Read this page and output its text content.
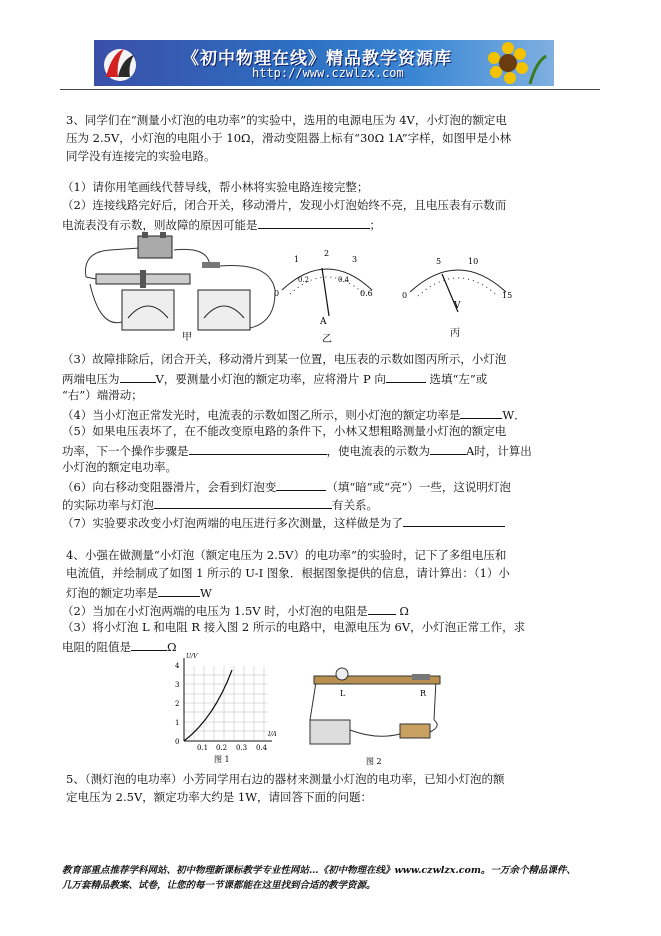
《初中物理在线》精品教学资源库
http://www.czwlzx.com
3、同学们在“测量小灯泡的电功率”的实验中，选用的电源电压为 4V，小灯泡的额定电
压为 2.5V，小灯泡的电阻小于 10Ω，滑动变阻器上标有“30Ω 1A”字样，如图甲是小林
同学没有连接完的实验电路。
（1）请你用笔画线代替导线，帮小林将实验电路连接完整；
（2）连接线路完好后，闭合开关，移动滑片，发现小灯泡始终不亮，且电压表有示数而
电流表没有示数，则故障的原因可能是	；
甲
0
0.2	0.4
0.6
1
2
3
A
乙
0
5	10
15
V
丙
（3）故障排除后，闭合开关，移动滑片到某一位置，电压表的示数如图丙所示，小灯泡
两端电压为	V，要测量小灯泡的额定功率，应将滑片 P 向	选填“左”或
“右”）端滑动；
（4）当小灯泡正常发光时，电流表的示数如图乙所示，则小灯泡的额定功率是	W．
（5）如果电压表坏了，在不能改变原电路的条件下，小林又想粗略测量小灯泡的额定电
功率，下一个操作步骤是	，使电流表的示数为	A时，计算出
小灯泡的额定电功率。
（6）向右移动变阻器滑片，会看到灯泡变	（填“暗”或“亮”）一些，这说明灯泡
的实际功率与灯泡	有关系。
（7）实验要求改变小灯泡两端的电压进行多次测量，这样做是为了
4、小强在做测量“小灯泡（额定电压为 2.5V）的电功率”的实验时，记下了多组电压和
电流值，并绘制成了如图 1 所示的 U-I 图象．根据图象提供的信息，请计算出：（1）小
灯泡的额定功率是	W
（2）当加在小灯泡两端的电压为 1.5V 时，小灯泡的电阻是	Ω
（3）将小灯泡 L 和电阻 R 接入图 2 所示的电路中，电源电压为 6V，小灯泡正常工作，求
电阻的阻值是	Ω
U/V
I/A
4
3
2
1
0
0.1 0.2 0.3 0.4
图 1
L	R
图 2
5、（测灯泡的电功率）小芳同学用右边的器材来测量小灯泡的电功率，已知小灯泡的额
定电压为 2.5V，额定功率大约是 1W，请回答下面的问题：
教育部重点推荐学科网站、初中物理新课标教学专业性网站…《初中物理在线》www.czwlzx.com。一万余个精品课件、
几万套精品教案、试卷，让您的每一节课都能在这里找到合适的教学资源。
